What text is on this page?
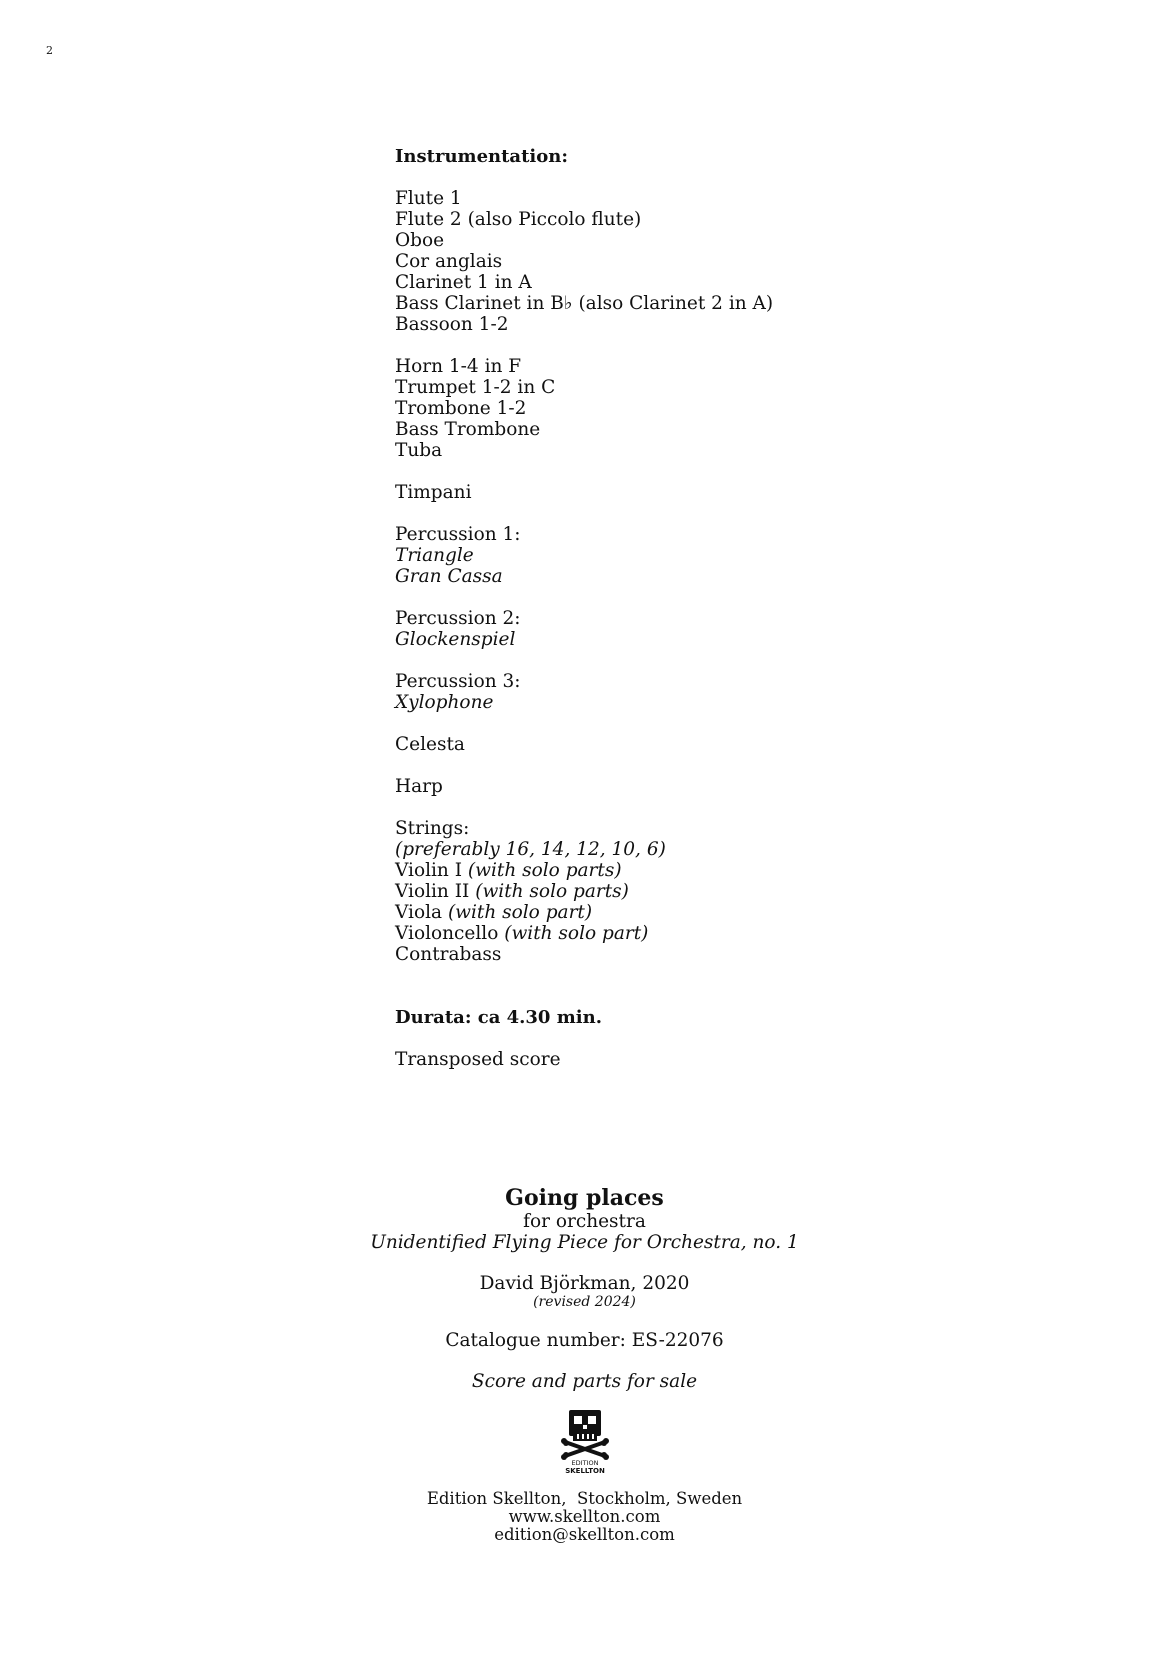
2
Instrumentation:
Flute 1
Flute 2 (also Piccolo flute)
Oboe
Cor anglais
Clarinet 1 in A
Bass Clarinet in B♭ (also Clarinet 2 in A)
Bassoon 1-2
Horn 1-4 in F
Trumpet 1-2 in C
Trombone 1-2
Bass Trombone
Tuba
Timpani
Percussion 1:
Triangle
Gran Cassa
Percussion 2:
Glockenspiel
Percussion 3:
Xylophone
Celesta
Harp
Strings:
(preferably 16, 14, 12, 10, 6)
Violin I (with solo parts)
Violin II (with solo parts)
Viola (with solo part)
Violoncello (with solo part)
Contrabass
Durata: ca 4.30 min.
Transposed score
Going places
for orchestra
Unidentified Flying Piece for Orchestra, no. 1
David Björkman, 2020
(revised 2024)
Catalogue number: ES-22076
Score and parts for sale
EDITION
SKELLTON
Edition Skellton,  Stockholm, Sweden
www.skellton.com
edition@skellton.com
